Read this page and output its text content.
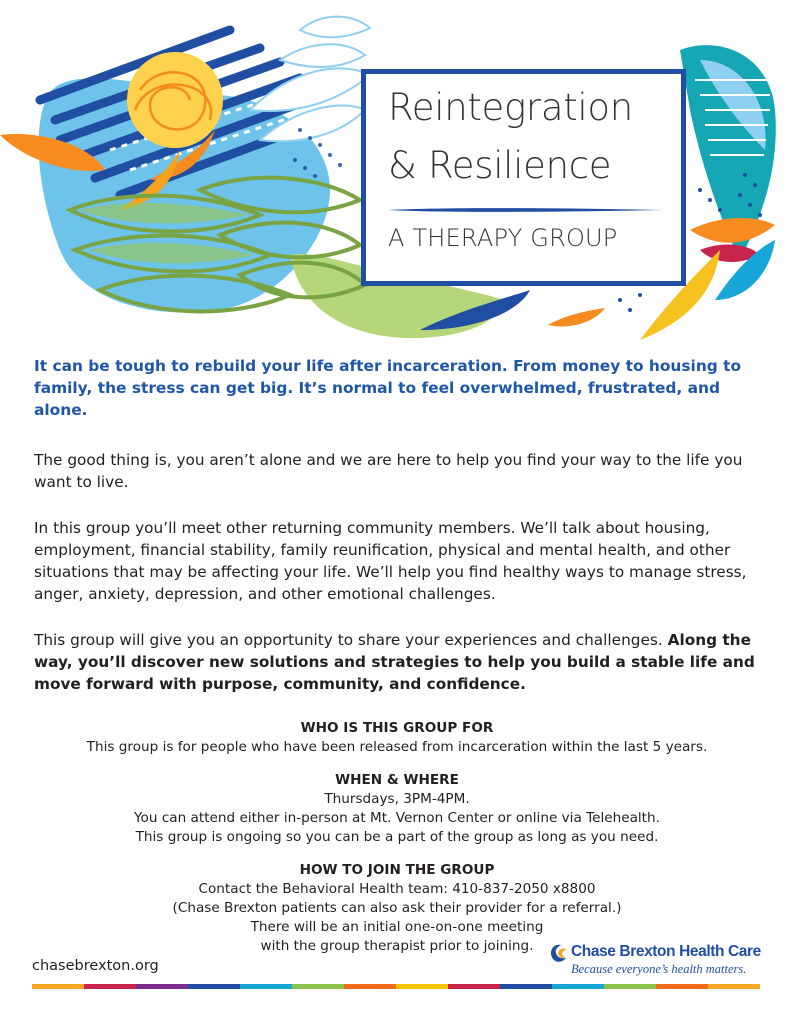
Reintegration
& Resilience
A THERAPY GROUP

It can be tough to rebuild your life after incarceration. From money to housing to family, the stress can get big. It’s normal to feel overwhelmed, frustrated, and alone.

The good thing is, you aren’t alone and we are here to help you find your way to the life you want to live.

In this group you’ll meet other returning community members. We’ll talk about housing, employment, financial stability, family reunification, physical and mental health, and other situations that may be affecting your life. We’ll help you find healthy ways to manage stress, anger, anxiety, depression, and other emotional challenges.

This group will give you an opportunity to share your experiences and challenges. Along the way, you’ll discover new solutions and strategies to help you build a stable life and move forward with purpose, community, and confidence.

WHO IS THIS GROUP FOR
This group is for people who have been released from incarceration within the last 5 years.
WHEN & WHERE
Thursdays, 3PM-4PM.
You can attend either in-person at Mt. Vernon Center or online via Telehealth.
This group is ongoing so you can be a part of the group as long as you need.
HOW TO JOIN THE GROUP
Contact the Behavioral Health team: 410-837-2050 x8800
(Chase Brexton patients can also ask their provider for a referral.)
There will be an initial one-on-one meeting
with the group therapist prior to joining.
chasebrexton.org
Chase Brexton Health Care
Because everyone’s health matters.
